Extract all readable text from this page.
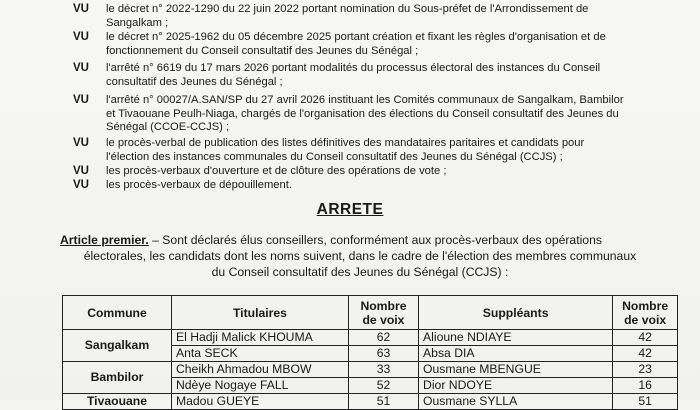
VU le décret n° 2022-1290 du 22 juin 2022 portant nomination du Sous-préfet de l'Arrondissement de
Sangalkam ;
VU le décret n° 2025-1962 du 05 décembre 2025 portant création et fixant les règles d'organisation et de
fonctionnement du Conseil consultatif des Jeunes du Sénégal ;
VU l'arrêté n° 6619 du 17 mars 2026 portant modalités du processus électoral des instances du Conseil
consultatif des Jeunes du Sénégal ;
VU l'arrêté n° 00027/A.SAN/SP du 27 avril 2026 instituant les Comités communaux de Sangalkam, Bambilor
et Tivaouane Peulh-Niaga, chargés de l'organisation des élections du Conseil consultatif des Jeunes du
Sénégal (CCOE-CCJS) ;
VU le procès-verbal de publication des listes définitives des mandataires paritaires et candidats pour
l'élection des instances communales du Conseil consultatif des Jeunes du Sénégal (CCJS) ;
VU les procès-verbaux d'ouverture et de clôture des opérations de vote ;
VU les procès-verbaux de dépouillement.
ARRETE
Article premier. – Sont déclarés élus conseillers, conformément aux procès-verbaux des opérations
électorales, les candidats dont les noms suivent, dans le cadre de l'élection des membres communaux
du Conseil consultatif des Jeunes du Sénégal (CCJS) :
Commune	Titulaires	Nombre de voix	Suppléants	Nombre de voix
Sangalkam	El Hadji Malick KHOUMA	62	Alioune NDIAYE	42
	Anta SECK	63	Absa DIA	42
Bambilor	Cheikh Ahmadou MBOW	33	Ousmane MBENGUE	23
	Ndèye Nogaye FALL	52	Dior NDOYE	16
Tivaouane	Madou GUEYE	51	Ousmane SYLLA	51
